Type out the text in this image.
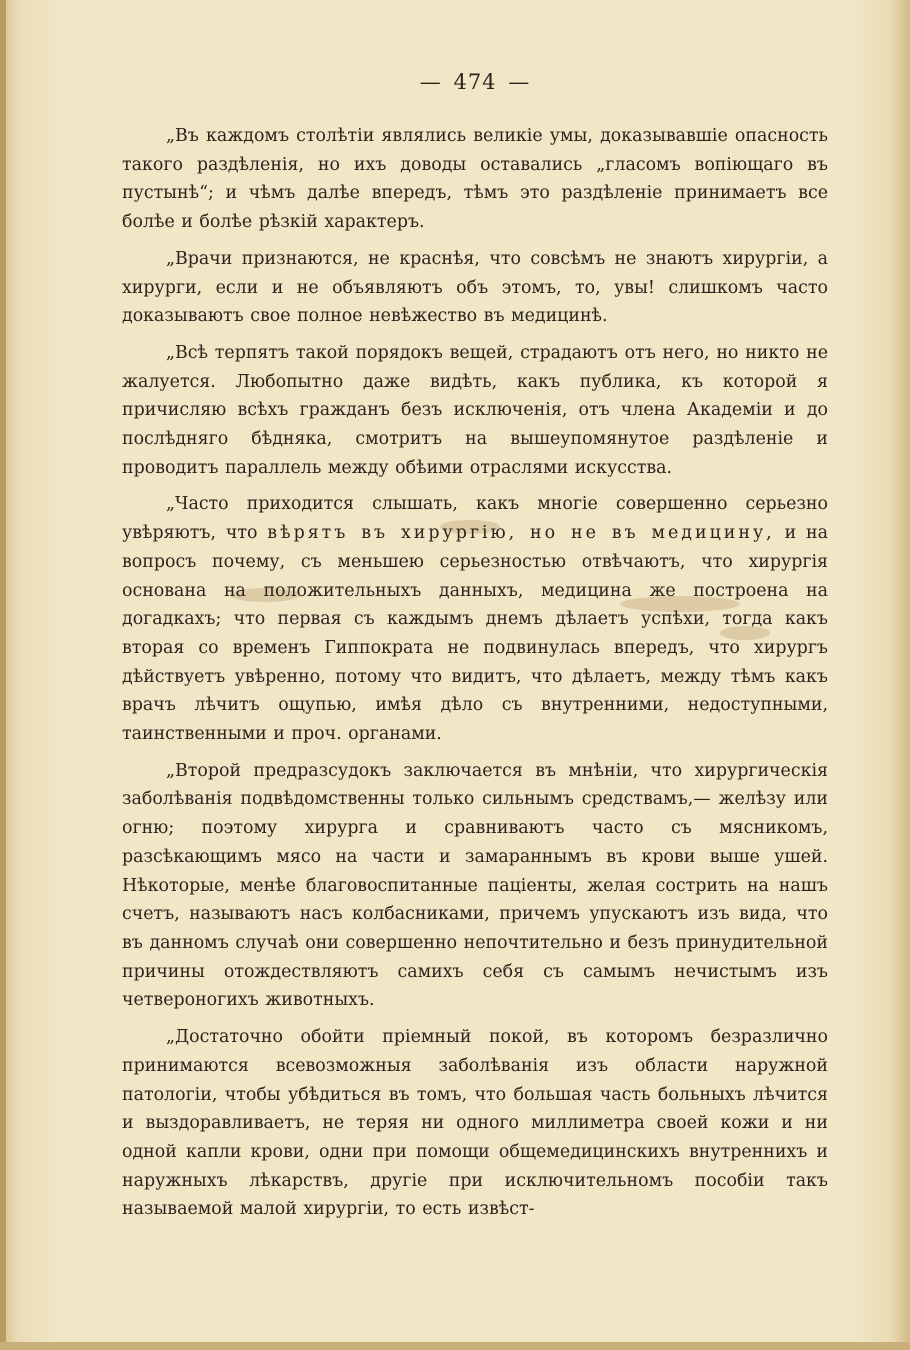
— 474 —

„Въ каждомъ столѣтіи являлись великіе умы, доказывавшіе опасность такого раздѣленія, но ихъ доводы оставались „гласомъ вопіющаго въ пустынѣ“; и чѣмъ далѣе впередъ, тѣмъ это раздѣленіе принимаетъ все болѣе и болѣе рѣзкій характеръ.

„Врачи признаются, не краснѣя, что совсѣмъ не знаютъ хирургіи, а хирурги, если и не объявляютъ объ этомъ, то, увы! слишкомъ часто доказываютъ свое полное невѣжество въ медицинѣ.

„Всѣ терпятъ такой порядокъ вещей, страдаютъ отъ него, но никто не жалуется. Любопытно даже видѣть, какъ публика, къ которой я причисляю всѣхъ гражданъ безъ исключенія, отъ члена Академіи и до послѣдняго бѣдняка, смотритъ на вышеупомянутое раздѣленіе и проводитъ параллель между обѣими отраслями искусства.

„Часто приходится слышать, какъ многіе совершенно серьезно увѣряютъ, что вѣрятъ въ хирургію, но не въ медицину, и на вопросъ почему, съ меньшею серьезностью отвѣчаютъ, что хирургія основана на положительныхъ данныхъ, медицина же построена на догадкахъ; что первая съ каждымъ днемъ дѣлаетъ успѣхи, тогда какъ вторая со временъ Гиппократа не подвинулась впередъ, что хирургъ дѣйствуетъ увѣренно, потому что видитъ, что дѣлаетъ, между тѣмъ какъ врачъ лѣчитъ ощупью, имѣя дѣло съ внутренними, недоступными, таинственными и проч. органами.

„Второй предразсудокъ заключается въ мнѣніи, что хирургическія заболѣванія подвѣдомственны только сильнымъ средствамъ,— желѣзу или огню; поэтому хирурга и сравниваютъ часто съ мясникомъ, разсѣкающимъ мясо на части и замараннымъ въ крови выше ушей. Нѣкоторые, менѣе благовоспитанные паціенты, желая сострить на нашъ счетъ, называютъ насъ колбасниками, причемъ упускаютъ изъ вида, что въ данномъ случаѣ они совершенно непочтительно и безъ принудительной причины отождествляютъ самихъ себя съ самымъ нечистымъ изъ четвероногихъ животныхъ.

„Достаточно обойти пріемный покой, въ которомъ безразлично принимаются всевозможныя заболѣванія изъ области наружной патологіи, чтобы убѣдиться въ томъ, что большая часть больныхъ лѣчится и выздоравливаетъ, не теряя ни одного миллиметра своей кожи и ни одной капли крови, одни при помощи общемедицинскихъ внутреннихъ и наружныхъ лѣкарствъ, другіе при исключительномъ пособіи такъ называемой малой хирургіи, то есть извѣст-
